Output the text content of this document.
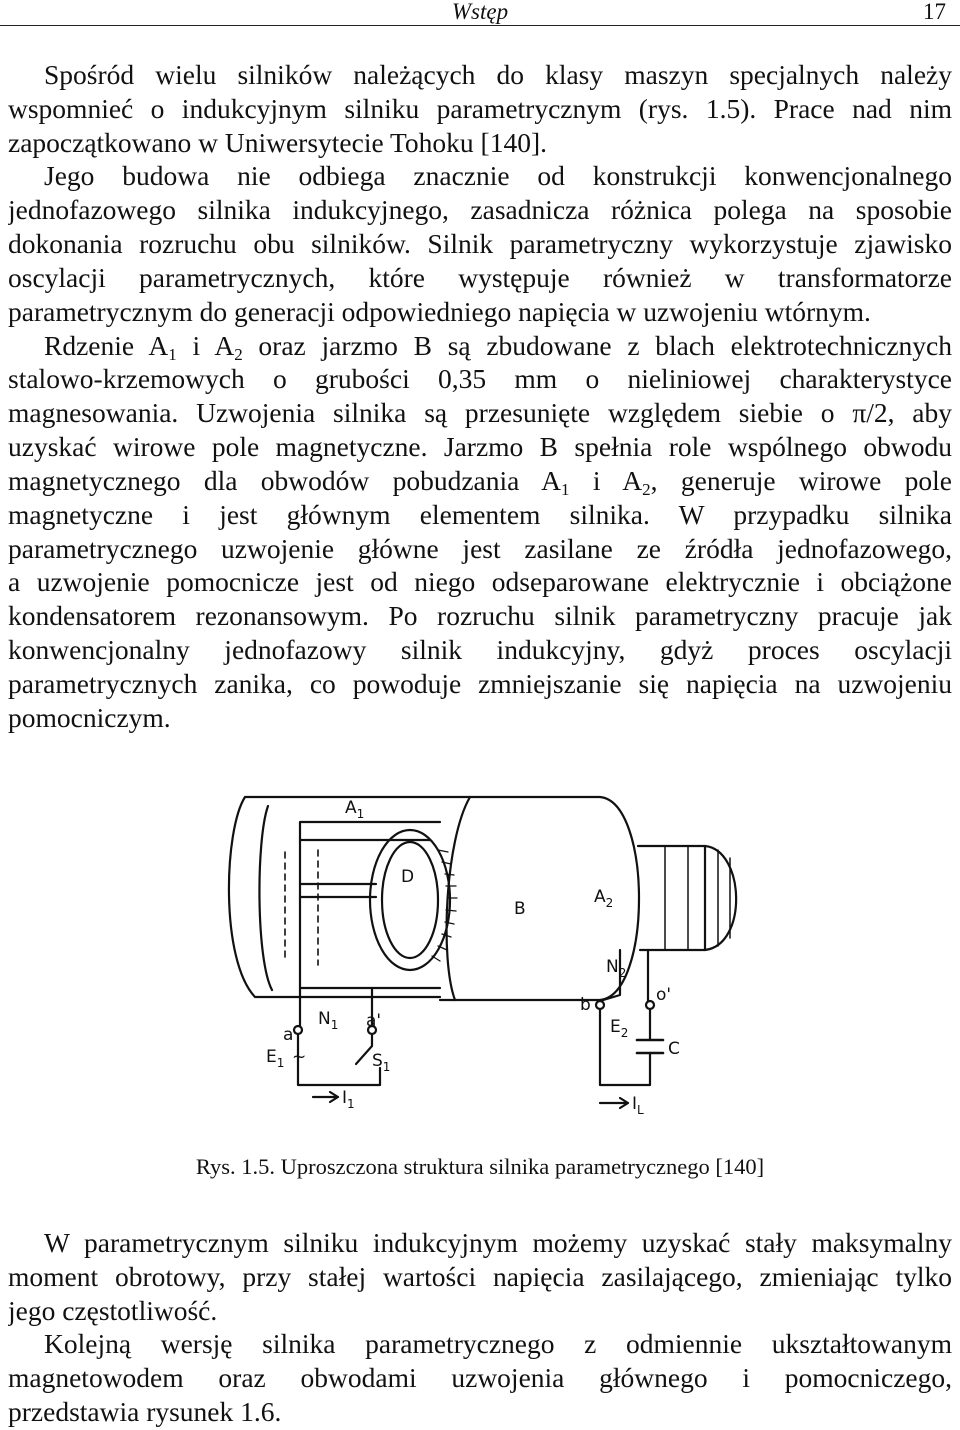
Wstęp	17
Spośród wielu silników należących do klasy maszyn specjalnych należy
wspomnieć o indukcyjnym silniku parametrycznym (rys. 1.5). Prace nad nim
zapoczątkowano w Uniwersytecie Tohoku [140].
Jego budowa nie odbiega znacznie od konstrukcji konwencjonalnego
jednofazowego silnika indukcyjnego, zasadnicza różnica polega na sposobie
dokonania rozruchu obu silników. Silnik parametryczny wykorzystuje zjawisko
oscylacji parametrycznych, które występuje również w transformatorze
parametrycznym do generacji odpowiedniego napięcia w uzwojeniu wtórnym.
Rdzenie $A_1$ i $A_2$ oraz jarzmo B są zbudowane z blach elektrotechnicznych
stalowo-krzemowych o grubości 0,35 mm o nieliniowej charakterystyce
magnesowania. Uzwojenia silnika są przesunięte względem siebie o π/2, aby
uzyskać wirowe pole magnetyczne. Jarzmo B spełnia role wspólnego obwodu
magnetycznego dla obwodów pobudzania $A_1$ i $A_2$, generuje wirowe pole
magnetyczne i jest głównym elementem silnika. W przypadku silnika
parametrycznego uzwojenie główne jest zasilane ze źródła jednofazowego,
a uzwojenie pomocnicze jest od niego odseparowane elektrycznie i obciążone
kondensatorem rezonansowym. Po rozruchu silnik parametryczny pracuje jak
konwencjonalny jednofazowy silnik indukcyjny, gdyż proces oscylacji
parametrycznych zanika, co powoduje zmniejszanie się napięcia na uzwojeniu
pomocniczym.
$A_1$
D
B
$A_2$
$N_2$
b	o'
$E_2$
C
a
$N_1$ a'
$E_1$ ~	$S_1$
$I_1$	$I_L$
Rys. 1.5. Uproszczona struktura silnika parametrycznego [140]
W parametrycznym silniku indukcyjnym możemy uzyskać stały maksymalny
moment obrotowy, przy stałej wartości napięcia zasilającego, zmieniając tylko
jego częstotliwość.
Kolejną wersję silnika parametrycznego z odmiennie ukształtowanym
magnetowodem oraz obwodami uzwojenia głównego i pomocniczego,
przedstawia rysunek 1.6.
